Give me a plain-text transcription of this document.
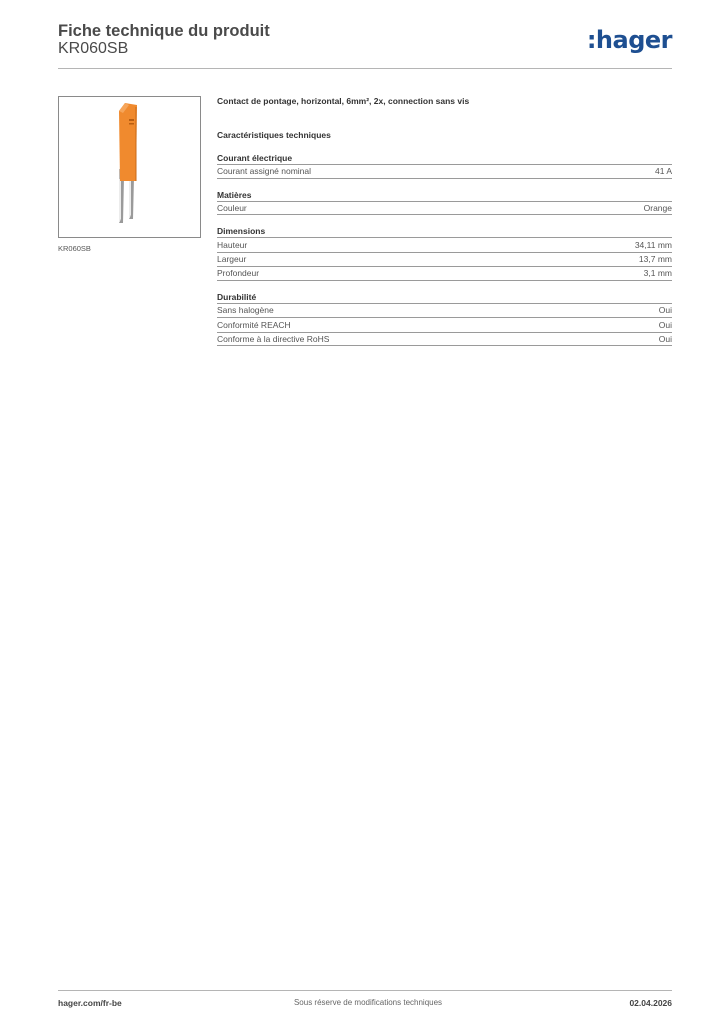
Fiche technique du produit
KR060SB	:hager
KR060SB
Contact de pontage, horizontal, 6mm², 2x, connection sans vis
Caractéristiques techniques
Courant électrique
Courant assigné nominal	41 A
Matières
Couleur	Orange
Dimensions
Hauteur	34,11 mm
Largeur	13,7 mm
Profondeur	3,1 mm
Durabilité
Sans halogène	Oui
Conformité REACH	Oui
Conforme à la directive RoHS	Oui
hager.com/fr-be	Sous réserve de modifications techniques	02.04.2026
